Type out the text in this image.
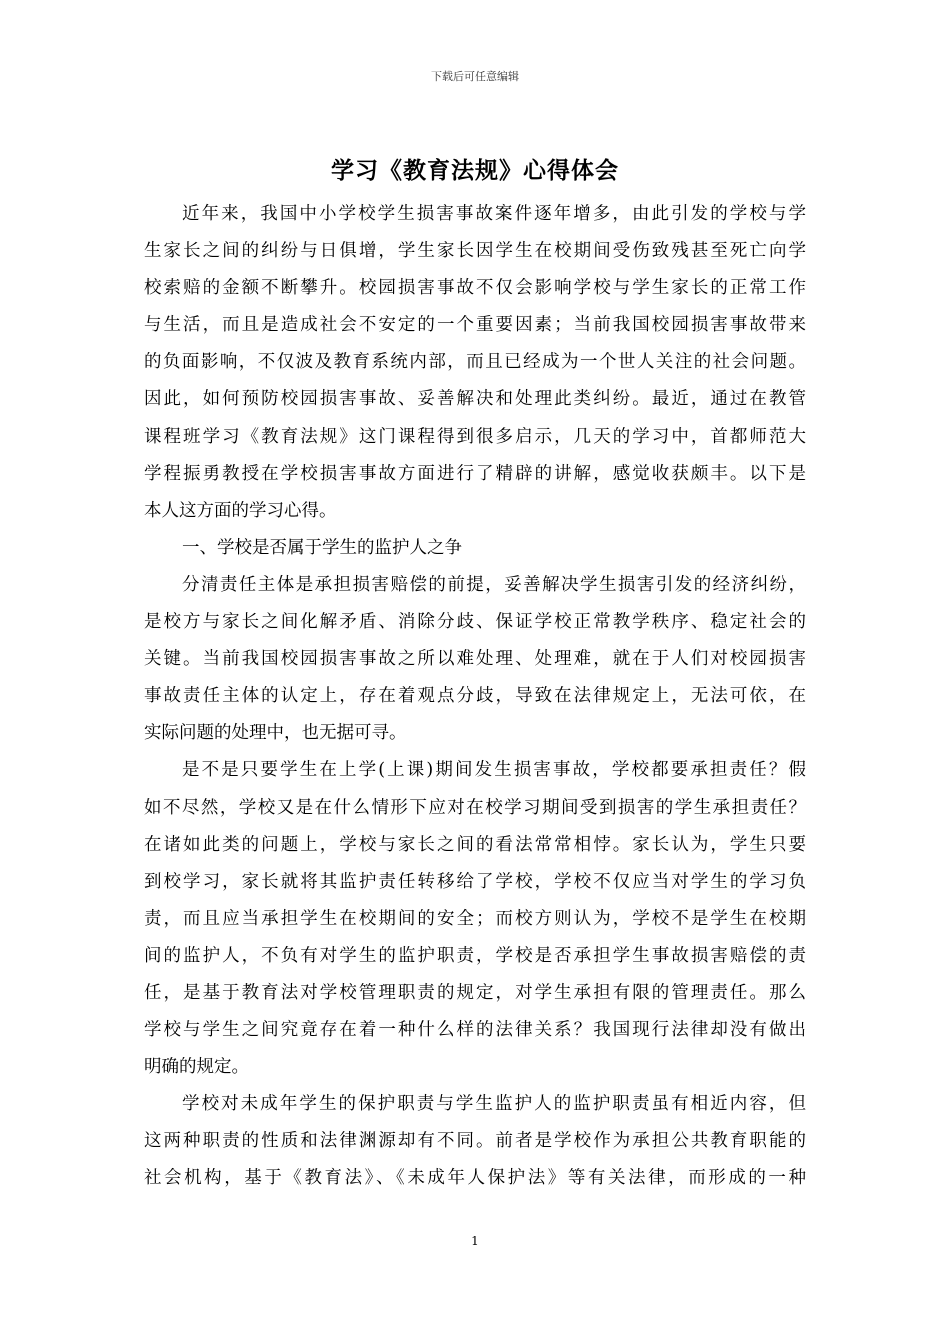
下载后可任意编辑
学习《教育法规》心得体会
近年来，我国中小学校学生损害事故案件逐年增多，由此引发的学校与学
生家长之间的纠纷与日俱增，学生家长因学生在校期间受伤致残甚至死亡向学
校索赔的金额不断攀升。校园损害事故不仅会影响学校与学生家长的正常工作
与生活，而且是造成社会不安定的一个重要因素；当前我国校园损害事故带来
的负面影响，不仅波及教育系统内部，而且已经成为一个世人关注的社会问题。
因此，如何预防校园损害事故、妥善解决和处理此类纠纷。最近，通过在教管
课程班学习《教育法规》这门课程得到很多启示，几天的学习中，首都师范大
学程振勇教授在学校损害事故方面进行了精辟的讲解，感觉收获颇丰。以下是
本人这方面的学习心得。
一、学校是否属于学生的监护人之争
分清责任主体是承担损害赔偿的前提，妥善解决学生损害引发的经济纠纷，
是校方与家长之间化解矛盾、消除分歧、保证学校正常教学秩序、稳定社会的
关键。当前我国校园损害事故之所以难处理、处理难，就在于人们对校园损害
事故责任主体的认定上，存在着观点分歧，导致在法律规定上，无法可依，在
实际问题的处理中，也无据可寻。
是不是只要学生在上学(上课)期间发生损害事故，学校都要承担责任？假
如不尽然，学校又是在什么情形下应对在校学习期间受到损害的学生承担责任？
在诸如此类的问题上，学校与家长之间的看法常常相悖。家长认为，学生只要
到校学习，家长就将其监护责任转移给了学校，学校不仅应当对学生的学习负
责，而且应当承担学生在校期间的安全；而校方则认为，学校不是学生在校期
间的监护人，不负有对学生的监护职责，学校是否承担学生事故损害赔偿的责
任，是基于教育法对学校管理职责的规定，对学生承担有限的管理责任。那么
学校与学生之间究竟存在着一种什么样的法律关系？我国现行法律却没有做出
明确的规定。
学校对未成年学生的保护职责与学生监护人的监护职责虽有相近内容，但
这两种职责的性质和法律渊源却有不同。前者是学校作为承担公共教育职能的
社会机构，基于《教育法》、《未成年人保护法》等有关法律，而形成的一种
1
